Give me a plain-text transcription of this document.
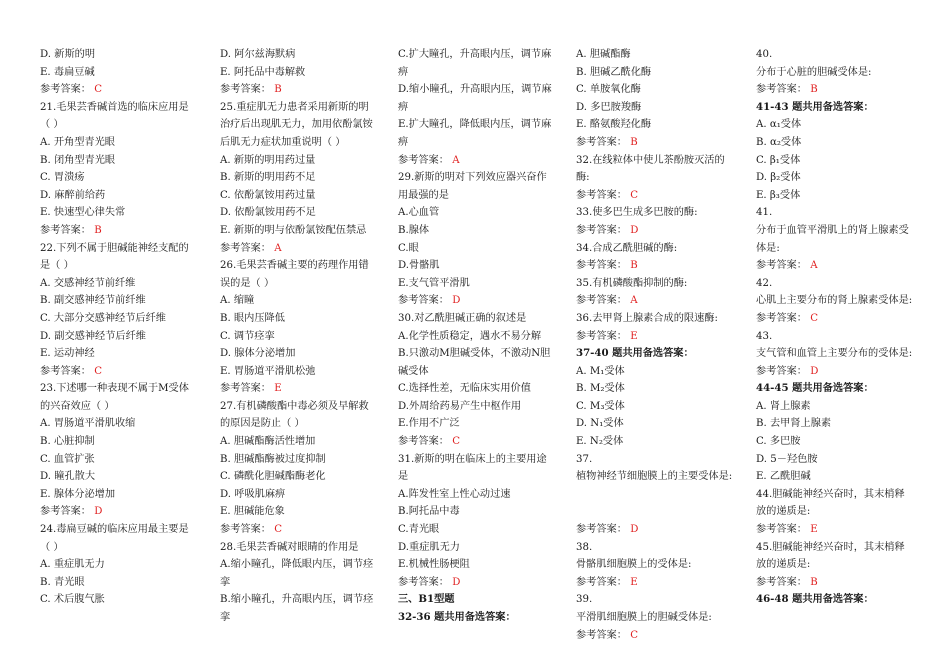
D. 新斯的明
E. 毒扁豆碱
参考答案： C
21.毛果芸香碱首选的临床应用是
（ ）
A. 开角型青光眼
B. 闭角型青光眼
C. 胃溃疡
D. 麻醉前给药
E. 快速型心律失常
参考答案： B
22.下列不属于胆碱能神经支配的
是（ ）
A. 交感神经节前纤维
B. 副交感神经节前纤维
C. 大部分交感神经节后纤维
D. 副交感神经节后纤维
E. 运动神经
参考答案： C
23.下述哪一种表现不属于M受体
的兴奋效应（ ）
A. 胃肠道平滑肌收缩
B. 心脏抑制
C. 血管扩张
D. 瞳孔散大
E. 腺体分泌增加
参考答案： D
24.毒扁豆碱的临床应用最主要是
（ ）
A. 重症肌无力
B. 青光眼
C. 术后腹气胀
D. 阿尔兹海默病
E. 阿托品中毒解救
参考答案： B
25.重症肌无力患者采用新斯的明
治疗后出现肌无力，加用依酚氯铵
后肌无力症状加重说明（ ）
A. 新斯的明用药过量
B. 新斯的明用药不足
C. 依酚氯铵用药过量
D. 依酚氯铵用药不足
E. 新斯的明与依酚氯铵配伍禁忌
参考答案： A
26.毛果芸香碱主要的药理作用错
误的是（ ）
A. 缩瞳
B. 眼内压降低
C. 调节痉挛
D. 腺体分泌增加
E. 胃肠道平滑肌松弛
参考答案： E
27.有机磷酸酯中毒必须及早解救
的原因是防止（ ）
A. 胆碱酯酶活性增加
B. 胆碱酯酶被过度抑制
C. 磷酰化胆碱酯酶老化
D. 呼吸肌麻痹
E. 胆碱能危象
参考答案： C
28.毛果芸香碱对眼睛的作用是
A.缩小瞳孔，降低眼内压，调节痉
挛
B.缩小瞳孔，升高眼内压，调节痉
挛
C.扩大瞳孔，升高眼内压，调节麻
痹
D.缩小瞳孔，升高眼内压，调节麻
痹
E.扩大瞳孔，降低眼内压，调节麻
痹
参考答案： A
29.新斯的明对下列效应器兴奋作
用最强的是
A.心血管
B.腺体
C.眼
D.骨骼肌
E.支气管平滑肌
参考答案： D
30.对乙酰胆碱正确的叙述是
A.化学性质稳定，遇水不易分解
B.只激动M胆碱受体，不激动N胆
碱受体
C.选择性差，无临床实用价值
D.外周给药易产生中枢作用
E.作用不广泛
参考答案： C
31.新斯的明在临床上的主要用途
是
A.阵发性室上性心动过速
B.阿托品中毒
C.青光眼
D.重症肌无力
E.机械性肠梗阻
参考答案： D
三、B1型题
32-36 题共用备选答案：
A. 胆碱酯酶
B. 胆碱乙酰化酶
C. 单胺氧化酶
D. 多巴胺羧酶
E. 酪氨酸羟化酶
参考答案： B
32.在线粒体中使儿茶酚胺灭活的
酶:
参考答案： C
33.使多巴生成多巴胺的酶:
参考答案： D
34.合成乙酰胆碱的酶:
参考答案： B
35.有机磷酸酯抑制的酶:
参考答案： A
36.去甲肾上腺素合成的限速酶:
参考答案： E
37-40 题共用备选答案：
A. M₁受体
B. M₂受体
C. M₃受体
D. N₁受体
E. N₂受体
37.
植物神经节细胞膜上的主要受体是:
参考答案： D
38.
骨骼肌细胞膜上的受体是:
参考答案： E
39.
平滑肌细胞膜上的胆碱受体是:
参考答案： C
40.
分布于心脏的胆碱受体是:
参考答案： B
41-43 题共用备选答案：
A. α₁受体
B. α₂受体
C. β₁受体
D. β₂受体
E. β₃受体
41.
分布于血管平滑肌上的肾上腺素受
体是:
参考答案： A
42.
心肌上主要分布的肾上腺素受体是:
参考答案： C
43.
支气管和血管上主要分布的受体是:
参考答案： D
44-45 题共用备选答案：
A. 肾上腺素
B. 去甲肾上腺素
C. 多巴胺
D. 5－羟色胺
E. 乙酰胆碱
44.胆碱能神经兴奋时，其末梢释
放的递质是:
参考答案： E
45.胆碱能神经兴奋时，其末梢释
放的递质是:
参考答案： B
46-48 题共用备选答案：
